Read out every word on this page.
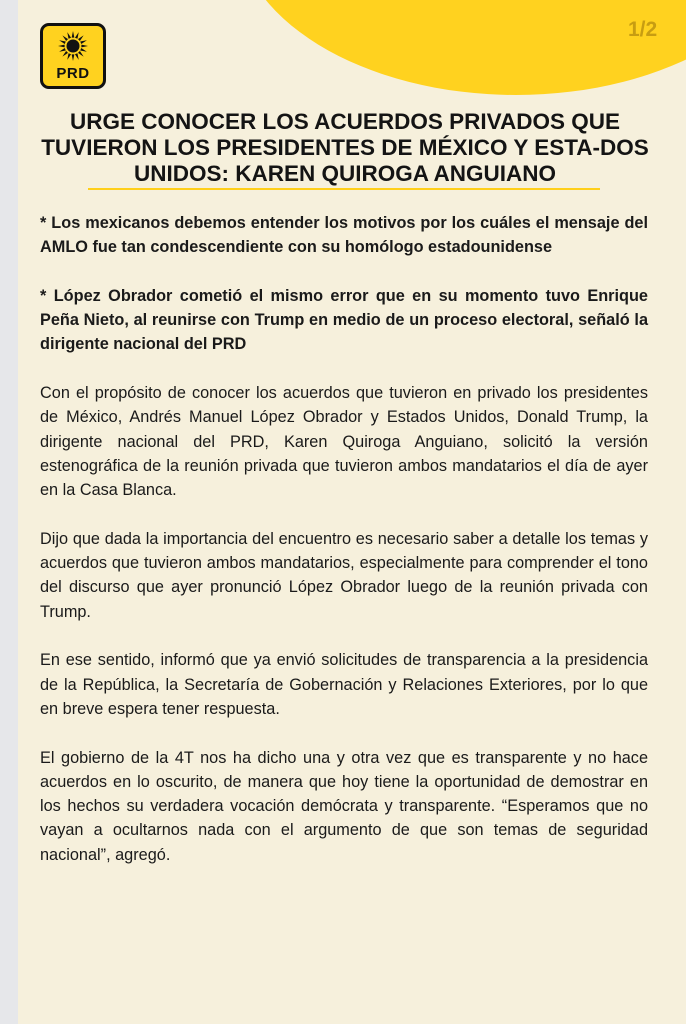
1/2
PRD
URGE CONOCER LOS ACUERDOS PRIVADOS QUE TUVIERON LOS PRESIDENTES DE MÉXICO Y ESTA-DOS UNIDOS: KAREN QUIROGA ANGUIANO

* Los mexicanos debemos entender los motivos por los cuáles el mensaje del AMLO fue tan condescendiente con su homólogo estadounidense

* López Obrador cometió el mismo error que en su momento tuvo Enrique Peña Nieto, al reunirse con Trump en medio de un proceso electoral, señaló la dirigente nacional del PRD

Con el propósito de conocer los acuerdos que tuvieron en privado los presidentes de México, Andrés Manuel López Obrador y Estados Unidos, Donald Trump, la dirigente nacional del PRD, Karen Quiroga Anguiano, solicitó la versión estenográfica de la reunión privada que tuvieron ambos mandatarios el día de ayer en la Casa Blanca.

Dijo que dada la importancia del encuentro es necesario saber a detalle los temas y acuerdos que tuvieron ambos mandatarios, especialmente para comprender el tono del discurso que ayer pronunció López Obrador luego de la reunión privada con Trump.

En ese sentido, informó que ya envió solicitudes de transparencia a la presidencia de la República, la Secretaría de Gobernación y Relaciones Exteriores, por lo que en breve espera tener respuesta.

El gobierno de la 4T nos ha dicho una y otra vez que es transparente y no hace acuerdos en lo oscurito, de manera que hoy tiene la oportunidad de demostrar en los hechos su verdadera vocación demócrata y transparente. “Esperamos que no vayan a ocultarnos nada con el argumento de que son temas de seguridad nacional”, agregó.
